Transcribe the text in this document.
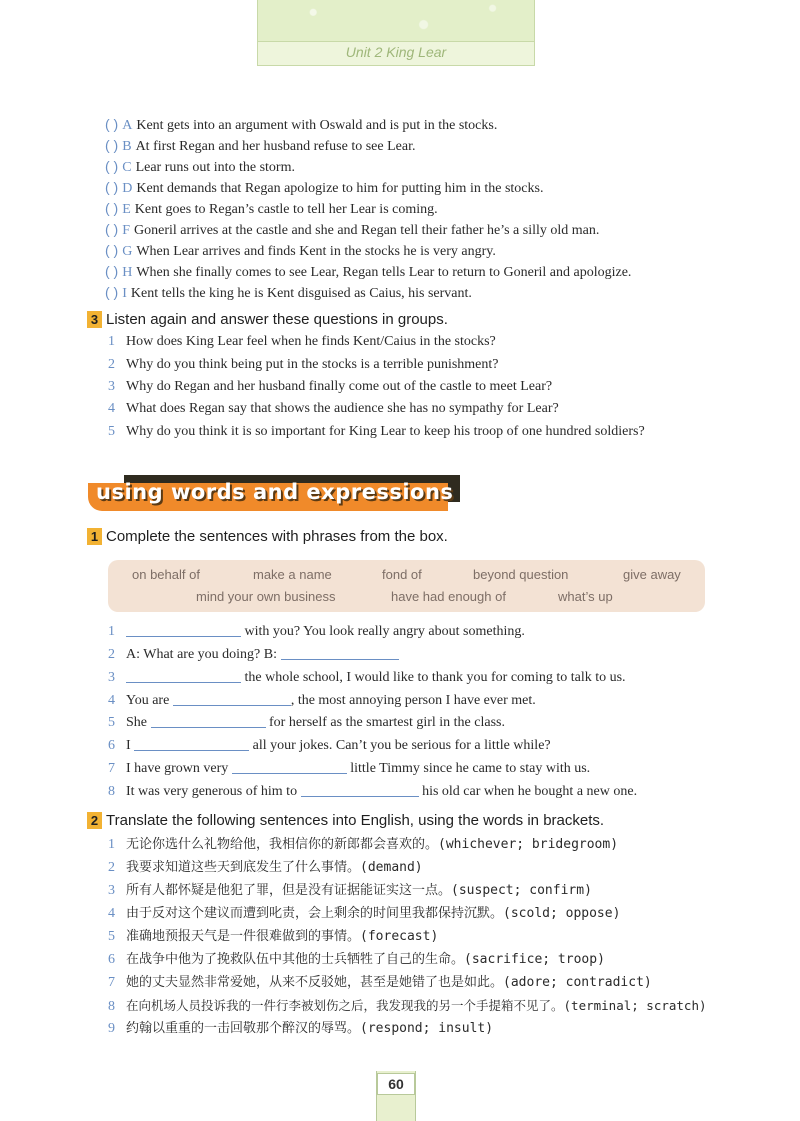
Unit 2 King Lear
( ) A Kent gets into an argument with Oswald and is put in the stocks.
( ) B At first Regan and her husband refuse to see Lear.
( ) C Lear runs out into the storm.
( ) D Kent demands that Regan apologize to him for putting him in the stocks.
( ) E Kent goes to Regan’s castle to tell her Lear is coming.
( ) F Goneril arrives at the castle and she and Regan tell their father he’s a silly old man.
( ) G When Lear arrives and finds Kent in the stocks he is very angry.
( ) H When she finally comes to see Lear, Regan tells Lear to return to Goneril and apologize.
( ) I Kent tells the king he is Kent disguised as Caius, his servant.
3 Listen again and answer these questions in groups.
1 How does King Lear feel when he finds Kent/Caius in the stocks?
2 Why do you think being put in the stocks is a terrible punishment?
3 Why do Regan and her husband finally come out of the castle to meet Lear?
4 What does Regan say that shows the audience she has no sympathy for Lear?
5 Why do you think it is so important for King Lear to keep his troop of one hundred soldiers?
using words and expressions
1 Complete the sentences with phrases from the box.
on behalf of	make a name	fond of	beyond question	give away
mind your own business	have had enough of	what’s up
1	with you? You look really angry about something.
2 A: What are you doing? B:
3	the whole school, I would like to thank you for coming to talk to us.
4 You are	, the most annoying person I have ever met.
5 She	for herself as the smartest girl in the class.
6 I	all your jokes. Can’t you be serious for a little while?
7 I have grown very	little Timmy since he came to stay with us.
8 It was very generous of him to	his old car when he bought a new one.
2 Translate the following sentences into English, using the words in brackets.
1 无论你选什么礼物给他，我相信你的新郎都会喜欢的。(whichever; bridegroom)
2 我要求知道这些天到底发生了什么事情。(demand)
3 所有人都怀疑是他犯了罪，但是没有证据能证实这一点。(suspect; confirm)
4 由于反对这个建议而遭到叱责，会上剩余的时间里我都保持沉默。(scold; oppose)
5 准确地预报天气是一件很难做到的事情。(forecast)
6 在战争中他为了挽救队伍中其他的士兵牺牲了自己的生命。(sacrifice; troop)
7 她的丈夫显然非常爱她，从来不反驳她，甚至是她错了也是如此。(adore; contradict)
8 在向机场人员投诉我的一件行李被划伤之后，我发现我的另一个手提箱不见了。(terminal; scratch)
9 约翰以重重的一击回敬那个醉汉的辱骂。(respond; insult)
60
